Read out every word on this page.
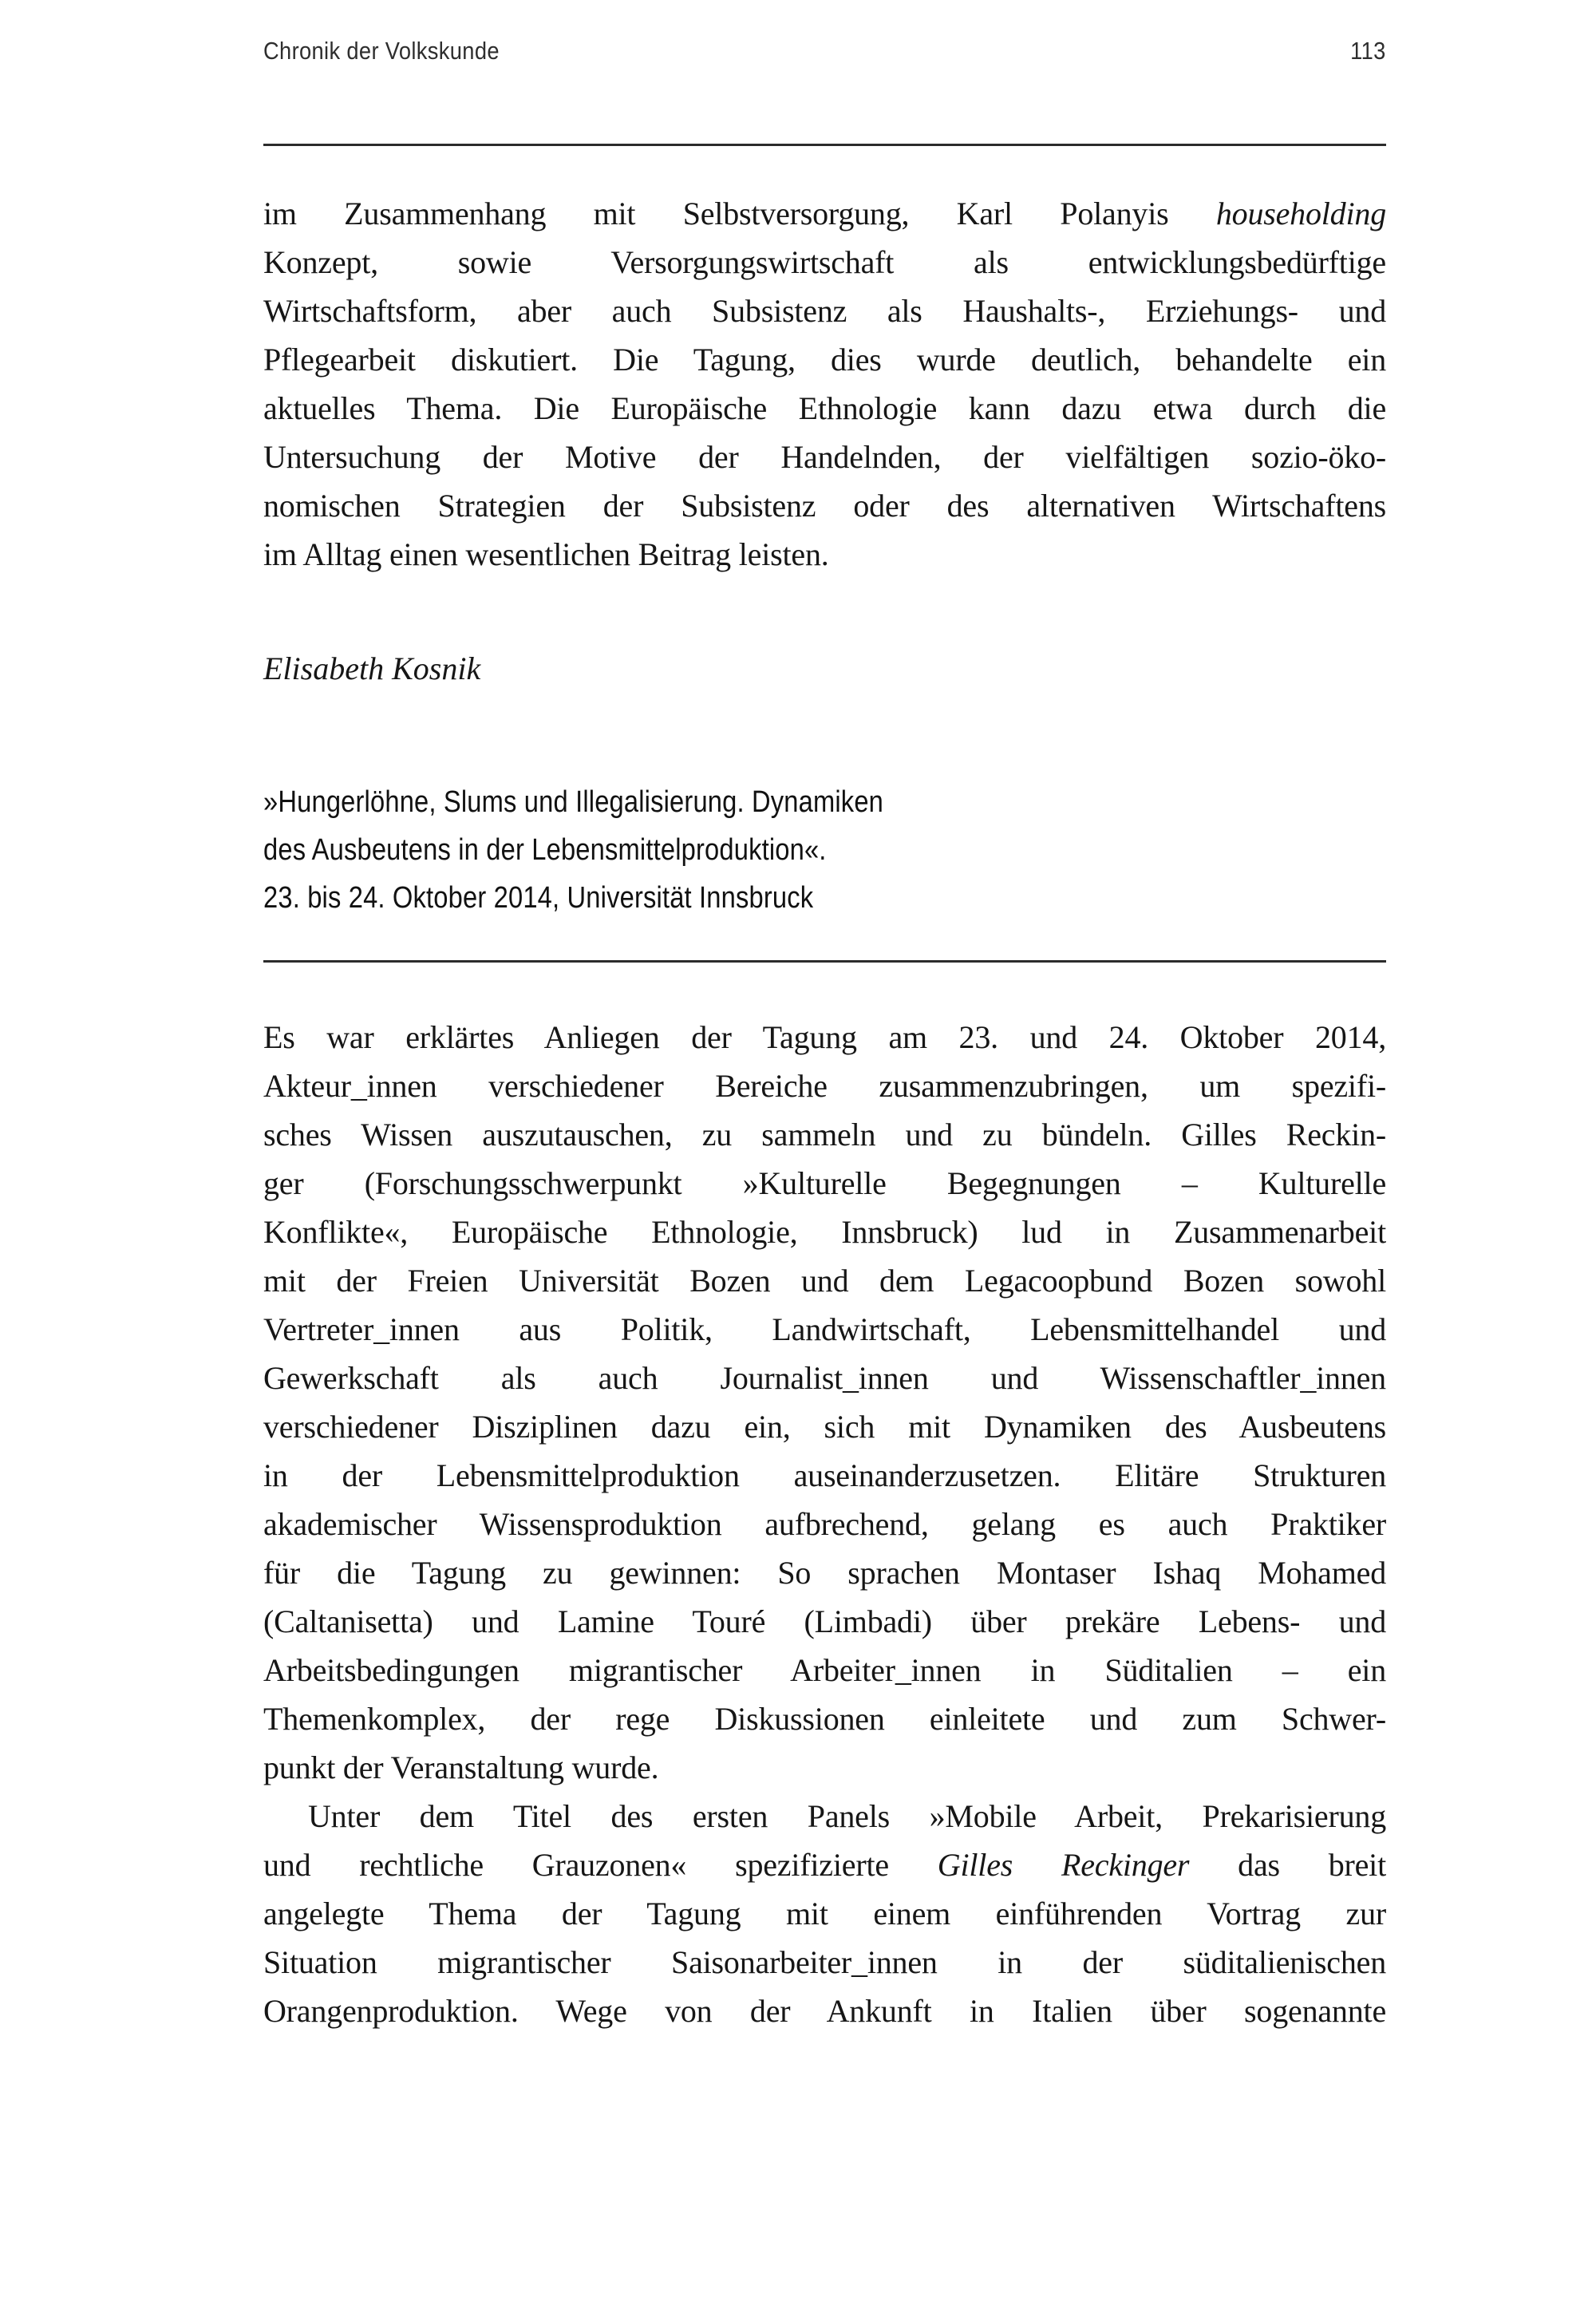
Chronik der Volkskunde	113
im Zusammenhang mit Selbstversorgung, Karl Polanyis householding
Konzept, sowie Versorgungswirtschaft als entwicklungsbedürftige
Wirtschaftsform, aber auch Subsistenz als Haushalts-, Erziehungs- und
Pflegearbeit diskutiert. Die Tagung, dies wurde deutlich, behandelte ein
aktuelles Thema. Die Europäische Ethnologie kann dazu etwa durch die
Untersuchung der Motive der Handelnden, der vielfältigen sozio-öko-
nomischen Strategien der Subsistenz oder des alternativen Wirtschaftens
im Alltag einen wesentlichen Beitrag leisten.

Elisabeth Kosnik

»Hungerlöhne, Slums und Illegalisierung. Dynamiken
des Ausbeutens in der Lebensmittelproduktion«.
23. bis 24. Oktober 2014, Universität Innsbruck
Es war erklärtes Anliegen der Tagung am 23. und 24. Oktober 2014,
Akteur_innen verschiedener Bereiche zusammenzubringen, um spezifi-
sches Wissen auszutauschen, zu sammeln und zu bündeln. Gilles Reckin-
ger (Forschungsschwerpunkt »Kulturelle Begegnungen – Kulturelle
Konflikte«, Europäische Ethnologie, Innsbruck) lud in Zusammenarbeit
mit der Freien Universität Bozen und dem Legacoopbund Bozen sowohl
Vertreter_innen aus Politik, Landwirtschaft, Lebensmittelhandel und
Gewerkschaft als auch Journalist_innen und Wissenschaftler_innen
verschiedener Disziplinen dazu ein, sich mit Dynamiken des Ausbeutens
in der Lebensmittelproduktion auseinanderzusetzen. Elitäre Strukturen
akademischer Wissensproduktion aufbrechend, gelang es auch Praktiker
für die Tagung zu gewinnen: So sprachen Montaser Ishaq Mohamed
(Caltanisetta) und Lamine Touré (Limbadi) über prekäre Lebens- und
Arbeitsbedingungen migrantischer Arbeiter_innen in Süditalien – ein
Themenkomplex, der rege Diskussionen einleitete und zum Schwer-
punkt der Veranstaltung wurde.
Unter dem Titel des ersten Panels »Mobile Arbeit, Prekarisierung
und rechtliche Grauzonen« spezifizierte Gilles Reckinger das breit
angelegte Thema der Tagung mit einem einführenden Vortrag zur
Situation migrantischer Saisonarbeiter_innen in der süditalienischen
Orangenproduktion. Wege von der Ankunft in Italien über sogenannte
